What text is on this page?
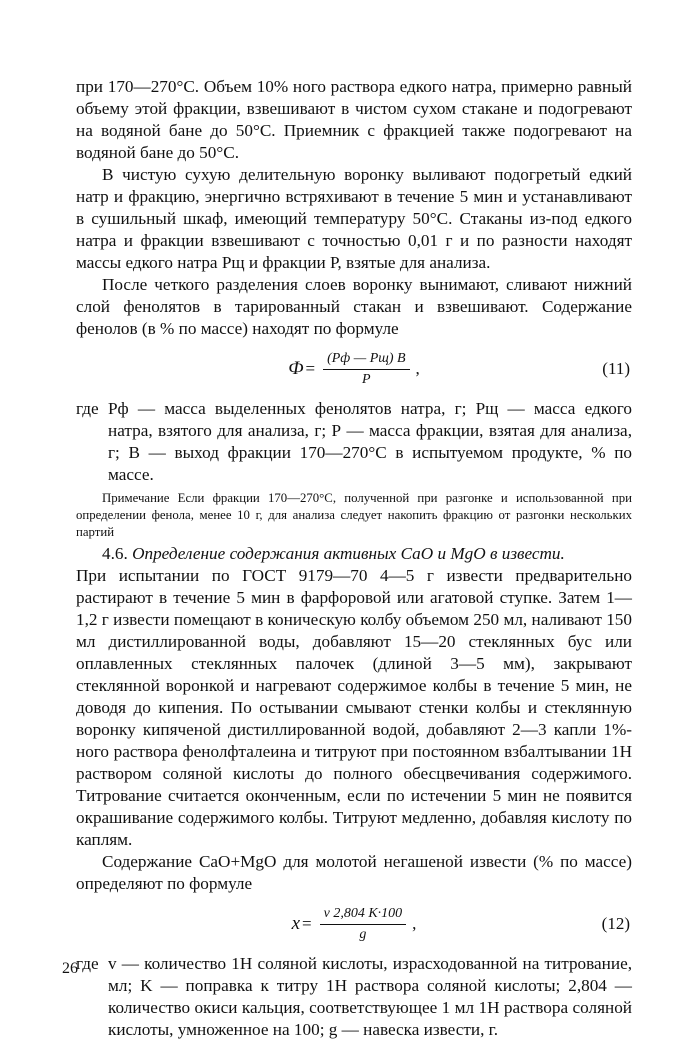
при 170—270°С. Объем 10% ного раствора едкого натра, примерно равный объему этой фракции, взвешивают в чистом сухом стакане и подогревают на водяной бане до 50°С. Приемник с фракцией также подогревают на водяной бане до 50°С.

В чистую сухую делительную воронку выливают подогретый едкий натр и фракцию, энергично встряхивают в течение 5 мин и устанавливают в сушильный шкаф, имеющий температуру 50°С. Стаканы из-под едкого натра и фракции взвешивают с точностью 0,01 г и по разности находят массы едкого натра Рщ и фракции Р, взятые для анализа.

После четкого разделения слоев воронку вынимают, сливают нижний слой фенолятов в тарированный стакан и взвешивают. Содержание фенолов (в % по массе) находят по формуле

$Ф = \frac{(Рф — Рщ) В}{Р}$ ,	(11)

где Рф — масса выделенных фенолятов натра, г; Рщ — масса едкого натра, взятого для анализа, г; Р — масса фракции, взятая для анализа, г; В — выход фракции 170—270°С в испытуемом продукте, % по массе.

Примечание Если фракции 170—270°С, полученной при разгонке и использованной при определении фенола, менее 10 г, для анализа следует накопить фракцию от разгонки нескольких партий

4.6. Определение содержания активных СаО и MgO в извести.

При испытании по ГОСТ 9179—70 4—5 г извести предварительно растирают в течение 5 мин в фарфоровой или агатовой ступке. Затем 1—1,2 г извести помещают в коническую колбу объемом 250 мл, наливают 150 мл дистиллированной воды, добавляют 15—20 стеклянных бус или оплавленных стеклянных палочек (длиной 3—5 мм), закрывают стеклянной воронкой и нагревают содержимое колбы в течение 5 мин, не доводя до кипения. По остывании смывают стенки колбы и стеклянную воронку кипяченой дистиллированной водой, добавляют 2—3 капли 1%-ного раствора фенолфталеина и титруют при постоянном взбалтывании 1Н раствором соляной кислоты до полного обесцвечивания содержимого. Титрование считается оконченным, если по истечении 5 мин не появится окрашивание содержимого колбы. Титруют медленно, добавляя кислоту по каплям.

Содержание СаО+MgO для молотой негашеной извести (% по массе) определяют по формуле

$x = \frac{v 2,804 K\cdot 100}{g}$ ,	(12)

где v — количество 1Н соляной кислоты, израсходованной на титрование, мл; K — поправка к титру 1Н раствора соляной кислоты; 2,804 — количество окиси кальция, соответствующее 1 мл 1Н раствора соляной кислоты, умноженное на 100; g — навеска извести, г.

26
